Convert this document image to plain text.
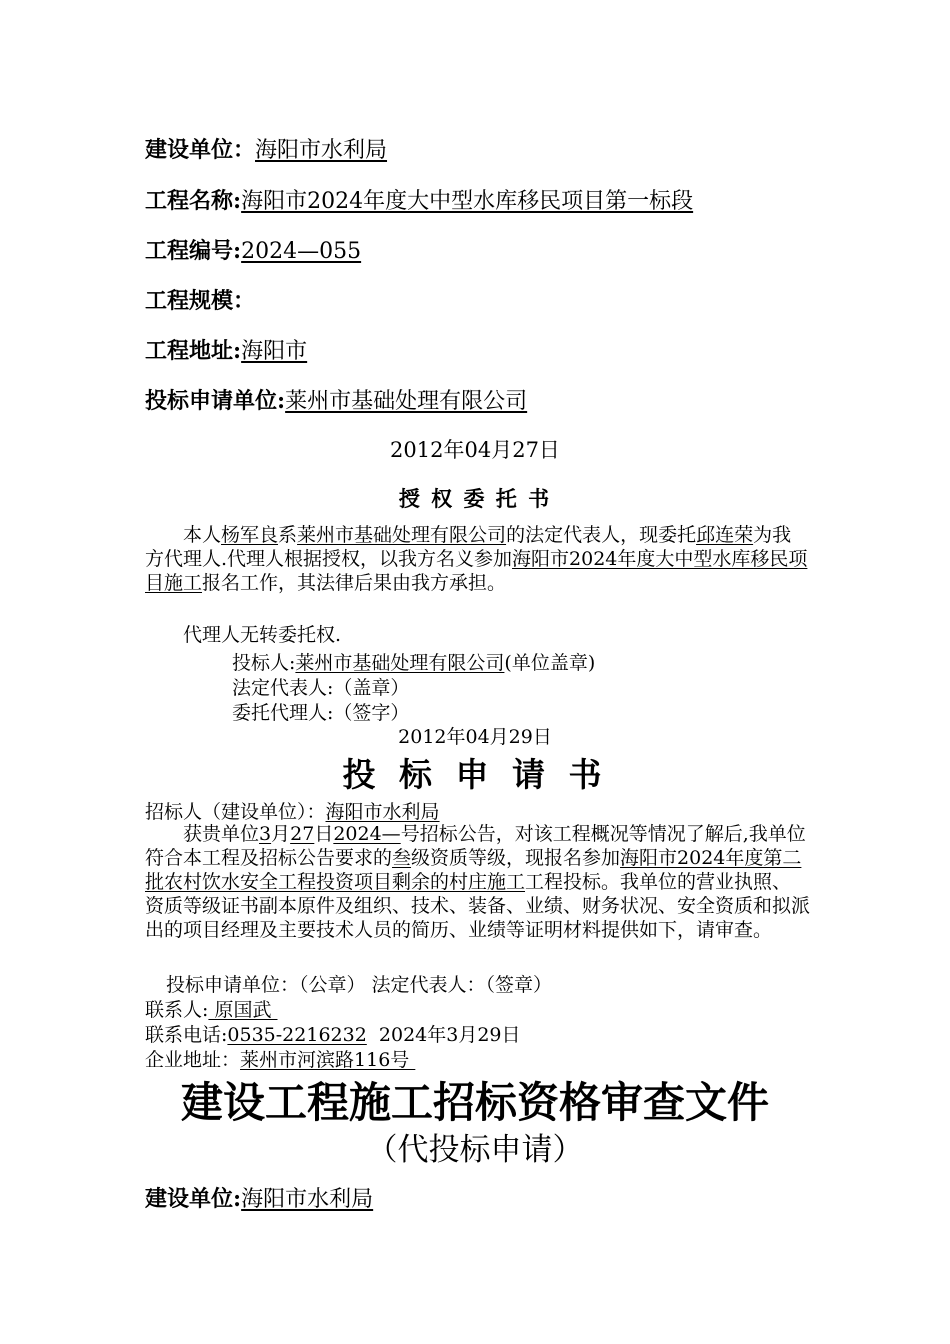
建设单位：海阳市水利局
工程名称:海阳市2024年度大中型水库移民项目第一标段
工程编号:2024—055
工程规模：
工程地址:海阳市
投标申请单位:莱州市基础处理有限公司
2012年04月27日
授 权 委 托 书
本人杨军良系莱州市基础处理有限公司的法定代表人，现委托邱连荣为我方代理人.代理人根据授权，以我方名义参加海阳市2024年度大中型水库移民项目施工报名工作，其法律后果由我方承担。
代理人无转委托权.
投标人:莱州市基础处理有限公司(单位盖章)
法定代表人:（盖章）
委托代理人:（签字）
2012年04月29日
投 标 申 请 书
招标人（建设单位）：海阳市水利局
获贵单位3月27日2024—号招标公告，对该工程概况等情况了解后,我单位符合本工程及招标公告要求的叁级资质等级，现报名参加海阳市2024年度第二批农村饮水安全工程投资项目剩余的村庄施工工程投标。我单位的营业执照、资质等级证书副本原件及组织、技术、装备、业绩、财务状况、安全资质和拟派出的项目经理及主要技术人员的简历、业绩等证明材料提供如下，请审查。
投标申请单位：（公章） 法定代表人：（签章）
联系人: 原国武
联系电话:0535-2216232  2024年3月29日
企业地址：莱州市河滨路116号
建设工程施工招标资格审查文件
（代投标申请）
建设单位:海阳市水利局
